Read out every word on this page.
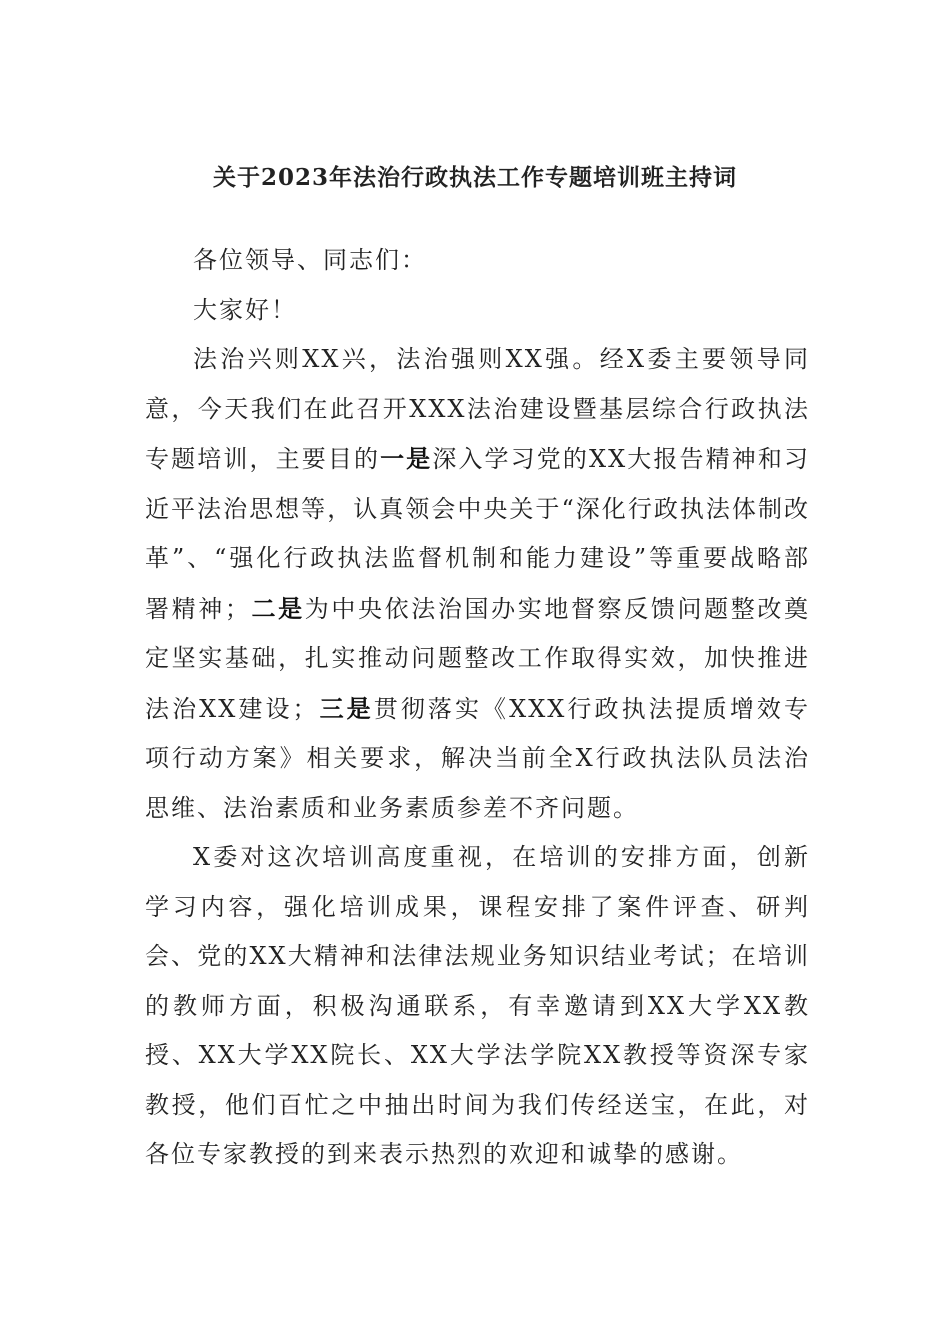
关于2023年法治行政执法工作专题培训班主持词

各位领导、同志们：

大家好！

法治兴则XX兴，法治强则XX强。经X委主要领导同意，今天我们在此召开XXX法治建设暨基层综合行政执法专题培训，主要目的一是深入学习党的XX大报告精神和习近平法治思想等，认真领会中央关于“深化行政执法体制改革”、“强化行政执法监督机制和能力建设”等重要战略部署精神；二是为中央依法治国办实地督察反馈问题整改奠定坚实基础，扎实推动问题整改工作取得实效，加快推进法治XX建设；三是贯彻落实《XXX行政执法提质增效专项行动方案》相关要求，解决当前全X行政执法队员法治思维、法治素质和业务素质参差不齐问题。

X委对这次培训高度重视，在培训的安排方面，创新学习内容，强化培训成果，课程安排了案件评查、研判会、党的XX大精神和法律法规业务知识结业考试；在培训的教师方面，积极沟通联系，有幸邀请到XX大学XX教授、XX大学XX院长、XX大学法学院XX教授等资深专家教授，他们百忙之中抽出时间为我们传经送宝，在此，对各位专家教授的到来表示热烈的欢迎和诚挚的感谢。
